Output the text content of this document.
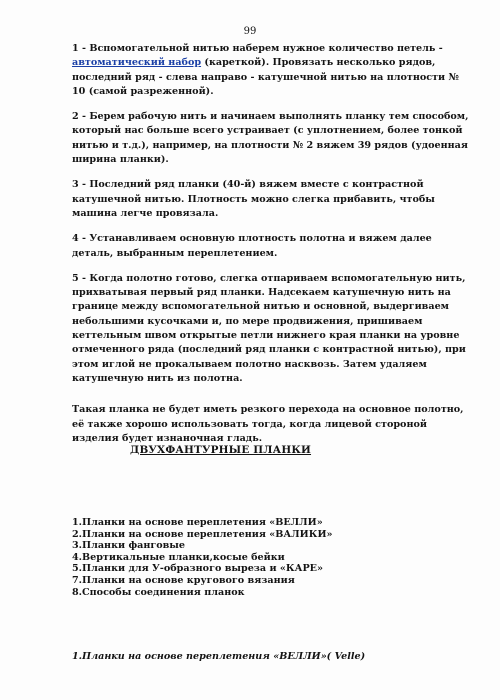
99

1 - Вспомогательной нитью наберем нужное количество петель - автоматический набор (кареткой). Провязать несколько рядов, последний ряд - слева направо - катушечной нитью на плотности № 10 (самой разреженной).

2 - Берем рабочую нить и начинаем выполнять планку тем способом, который нас больше всего устраивает (с уплотнением, более тонкой нитью и т.д.), например, на плотности № 2 вяжем 39 рядов (удоенная ширина планки).

3 - Последний ряд планки (40-й) вяжем вместе с контрастной катушечной нитью. Плотность можно слегка прибавить, чтобы машина легче провязала.

4 - Устанавливаем основную плотность полотна и вяжем далее деталь, выбранным переплетением.

5 - Когда полотно готово, слегка отпариваем вспомогательную нить, прихватывая первый ряд планки. Надсекаем катушечную нить на границе между вспомогательной нитью и основной, выдергиваем небольшими кусочками и, по мере продвижения, пришиваем кеттельным швом открытые петли нижнего края планки на уровне отмеченного ряда (последний ряд планки с контрастной нитью), при этом иглой не прокалываем полотно насквозь. Затем удаляем катушечную нить из полотна.

Такая планка не будет иметь резкого перехода на основное полотно, её также хорошо использовать тогда, когда лицевой стороной изделия будет изнаночная гладь.
ДВУХФАНТУРНЫЕ ПЛАНКИ
1.Планки на основе переплетения «ВЕЛЛИ»
2.Планки на основе переплетения «ВАЛИКИ»
3.Планки фанговые
4.Вертикальные планки,косые бейки
5.Планки для У-образного выреза и «КАРЕ»
7.Планки на основе кругового вязания
8.Способы соединения планок
1.Планки на основе переплетения «ВЕЛЛИ»( Velle)
